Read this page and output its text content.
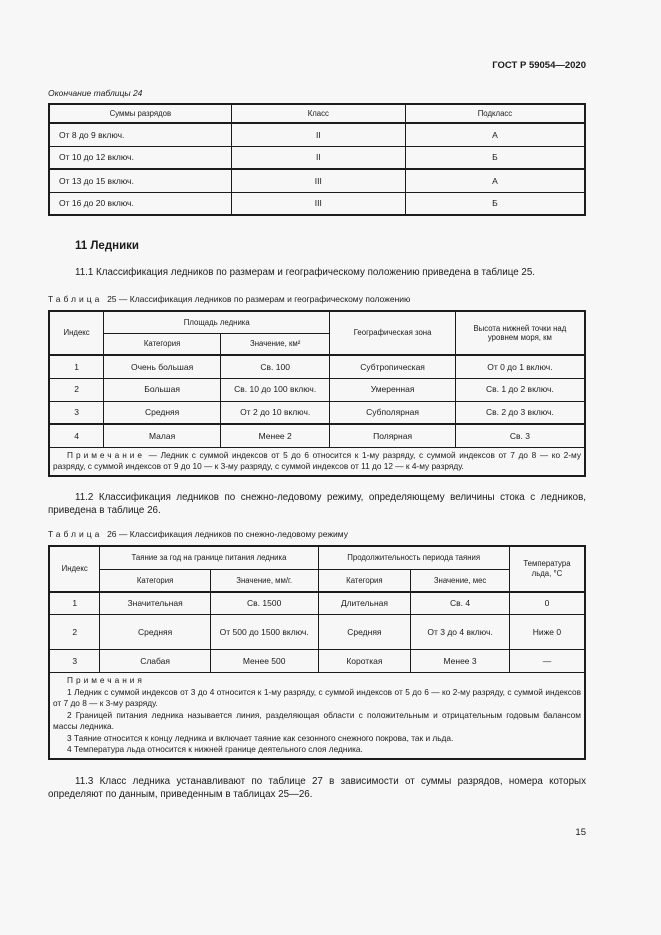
ГОСТ Р 59054—2020
Окончание таблицы 24
Суммы разрядов	Класс	Подкласс
От 8 до 9 включ.	II	А
От 10 до 12 включ.	II	Б
От 13 до 15 включ.	III	А
От 16 до 20 включ.	III	Б
11 Ледники

11.1 Классификация ледников по размерам и географическому положению приведена в таблице 25.

Таблица 25 — Классификация ледников по размерам и географическому положению
Индекс	Площадь ледника		Географическая зона	Высота нижней точки над уровнем моря, км
	Категория	Значение, км²		
1	Очень большая	Св. 100	Субтропическая	От 0 до 1 включ.
2	Большая	Св. 10 до 100 включ.	Умеренная	Св. 1 до 2 включ.
3	Средняя	От 2 до 10 включ.	Субполярная	Св. 2 до 3 включ.
4	Малая	Менее 2	Полярная	Св. 3

Примечание — Ледник с суммой индексов от 5 до 6 относится к 1-му разряду, с суммой индексов от 7 до 8 — ко 2-му разряду, с суммой индексов от 9 до 10 — к 3-му разряду, с суммой индексов от 11 до 12 — к 4-му разряду.				

11.2 Классификация ледников по снежно-ледовому режиму, определяющему величины стока с ледников, приведена в таблице 26.

Таблица 26 — Классификация ледников по снежно-ледовому режиму
Индекс	Таяние за год на границе питания ледника		Продолжительность периода таяния		Температура льда, °С
	Категория	Значение, мм/г.	Категория	Значение, мес	
1	Значительная	Св. 1500	Длительная	Св. 4	0
2	Средняя	От 500 до 1500 включ.	Средняя	От 3 до 4 включ.	Ниже 0
3	Слабая	Менее 500	Короткая	Менее 3	—

Примечания

1 Ледник с суммой индексов от 3 до 4 относится к 1-му разряду, с суммой индексов от 5 до 6 — ко 2-му разряду, с суммой индексов от 7 до 8 — к 3-му разряду.

2 Границей питания ледника называется линия, разделяющая области с положительным и отрицательным годовым балансом массы ледника.

3 Таяние относится к концу ледника и включает таяние как сезонного снежного покрова, так и льда.

4 Температура льда относится к нижней границе деятельного слоя ледника.					

11.3 Класс ледника устанавливают по таблице 27 в зависимости от суммы разрядов, номера которых определяют по данным, приведенным в таблицах 25—26.

15
